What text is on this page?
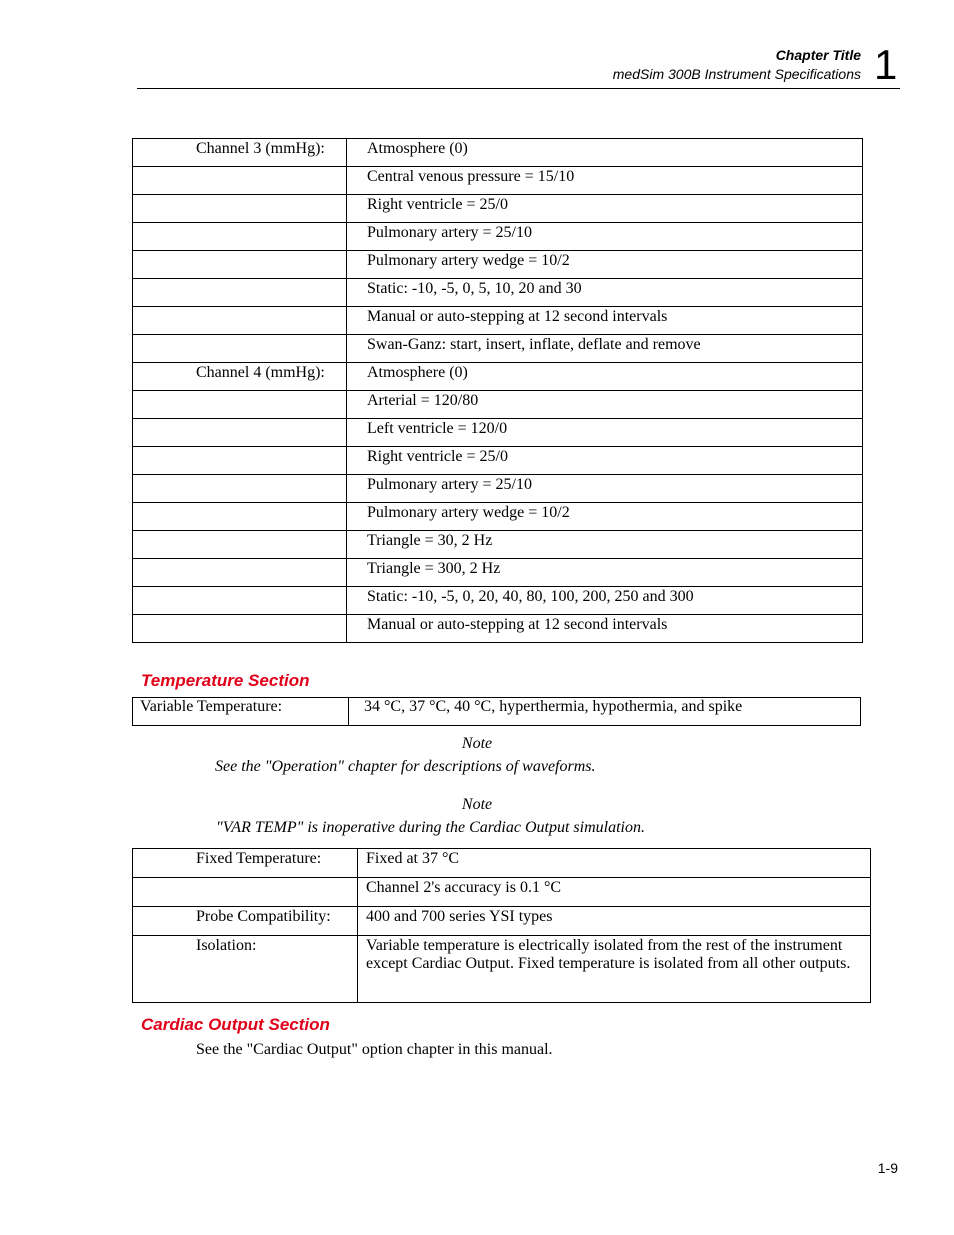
Chapter Title
medSim 300B Instrument Specifications 1
Channel 3 (mmHg):	Atmosphere (0)
	Central venous pressure = 15/10
	Right ventricle = 25/0
	Pulmonary artery = 25/10
	Pulmonary artery wedge = 10/2
	Static: -10, -5, 0, 5, 10, 20 and 30
	Manual or auto-stepping at 12 second intervals
	Swan-Ganz: start, insert, inflate, deflate and remove
Channel 4 (mmHg):	Atmosphere (0)
	Arterial = 120/80
	Left ventricle = 120/0
	Right ventricle = 25/0
	Pulmonary artery = 25/10
	Pulmonary artery wedge = 10/2
	Triangle = 30, 2 Hz
	Triangle = 300, 2 Hz
	Static: -10, -5, 0, 20, 40, 80, 100, 200, 250 and 300
	Manual or auto-stepping at 12 second intervals
Temperature Section
Variable Temperature:	34 °C, 37 °C, 40 °C, hyperthermia, hypothermia, and spike
Note
See the "Operation" chapter for descriptions of waveforms.
Note
"VAR TEMP" is inoperative during the Cardiac Output simulation.
Fixed Temperature:	Fixed at 37 °C
	Channel 2's accuracy is 0.1 °C
Probe Compatibility:	400 and 700 series YSI types
Isolation:	Variable temperature is electrically isolated from the rest of the instrument except Cardiac Output. Fixed temperature is isolated from all other outputs.
Cardiac Output Section
See the "Cardiac Output" option chapter in this manual.
1-9
